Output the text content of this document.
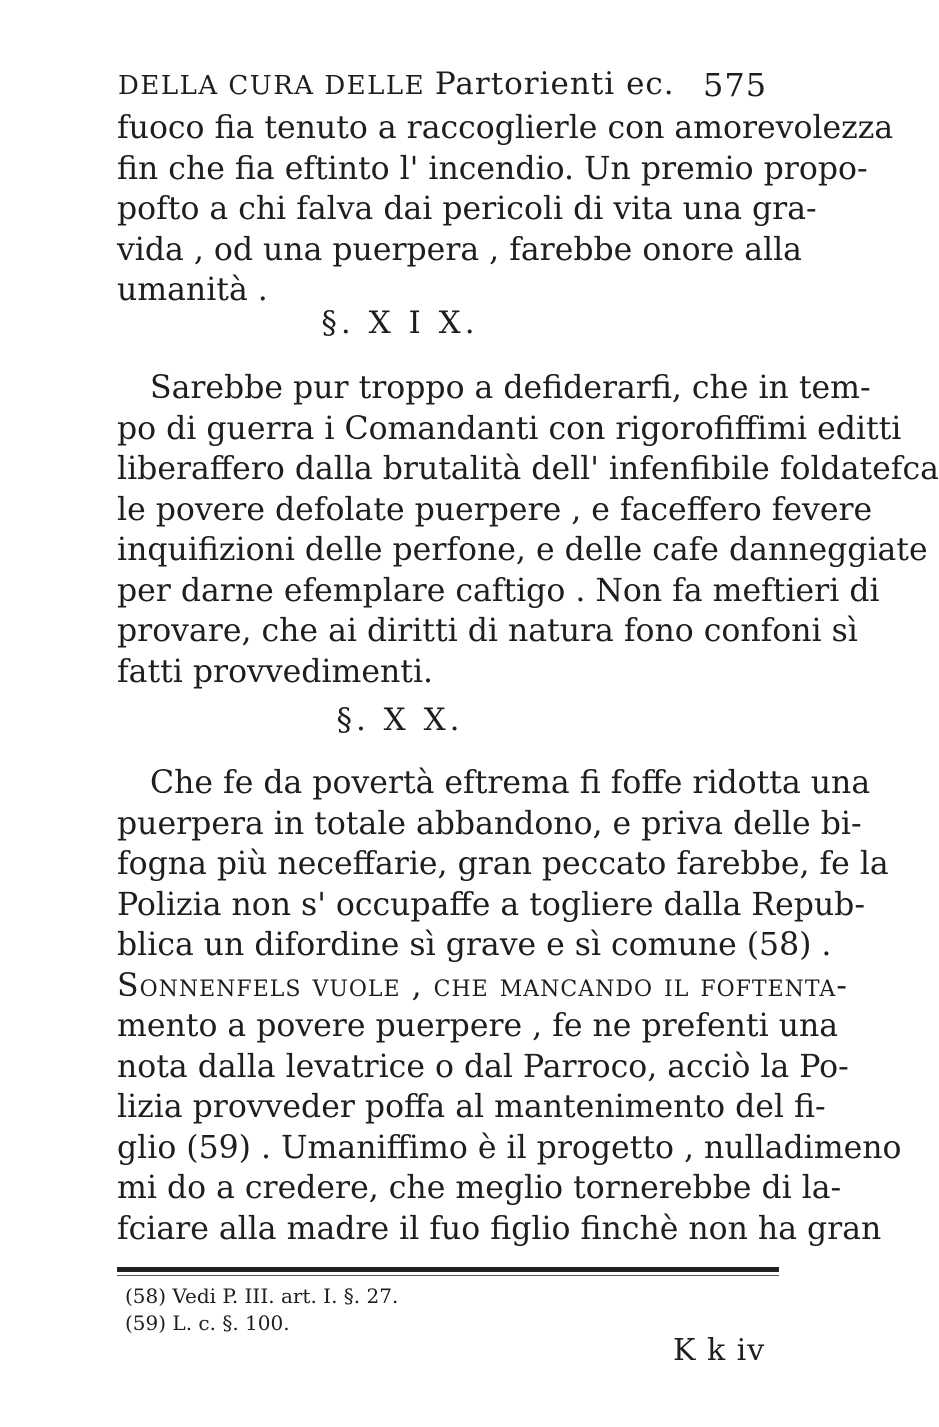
DELLA CURA DELLE Partorienti ec. 575
fuoco fia tenuto a raccoglierle con amorevolezza
fin che fia eftinto l' incendio. Un premio propo-
pofto a chi falva dai pericoli di vita una gra-
vida , od una puerpera , farebbe onore alla
umanità .
§. X I X.
Sarebbe pur troppo a defiderarfi, che in tem-
po di guerra i Comandanti con rigorofiffimi editti
liberaffero dalla brutalità dell' infenfibile foldatefca
le povere defolate puerpere , e faceffero fevere
inquifizioni delle perfone, e delle cafe danneggiate
per darne efemplare caftigo . Non fa meftieri di
provare, che ai diritti di natura fono confoni sì
fatti provvedimenti.
§. X X.
Che fe da povertà eftrema fi foffe ridotta una
puerpera in totale abbandono, e priva delle bi-
fogna più neceffarie, gran peccato farebbe, fe la
Polizia non s' occupaffe a togliere dalla Repub-
blica un difordine sì grave e sì comune (58) .
Sonnenfels vuole , che mancando il foftenta-
mento a povere puerpere , fe ne prefenti una
nota dalla levatrice o dal Parroco, acciò la Po-
lizia provveder poffa al mantenimento del fi-
glio (59) . Umaniffimo è il progetto , nulladimeno
mi do a credere, che meglio tornerebbe di la-
fciare alla madre il fuo figlio finchè non ha gran
(58) Vedi P. III. art. I. §. 27.
(59) L. c. §. 100.
K k iv
